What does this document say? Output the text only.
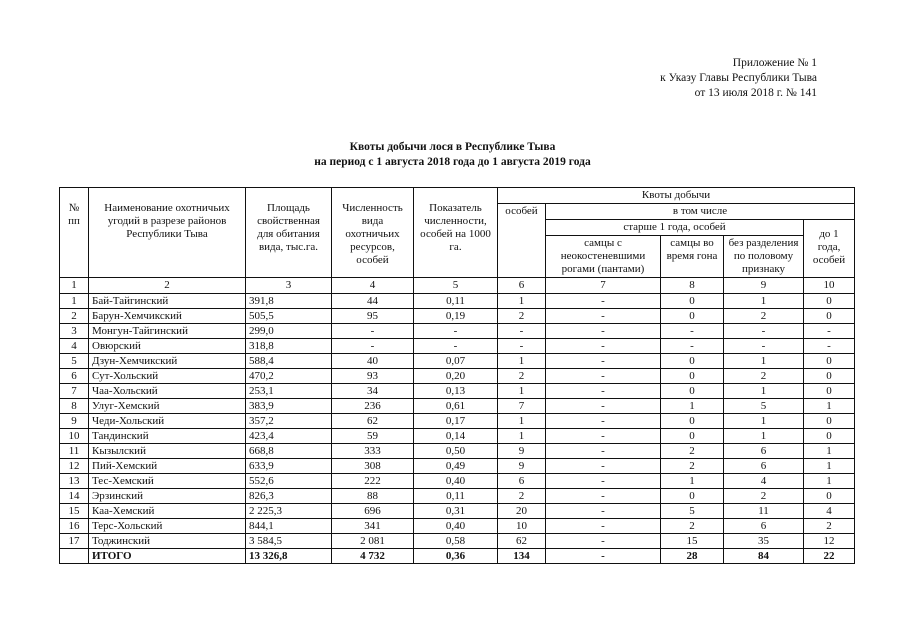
Приложение № 1
к Указу Главы Республики Тыва
от 13 июля 2018 г. № 141
Квоты добычи лося в Республике Тыва
на период с 1 августа 2018 года до 1 августа 2019 года
№ пп	Наименование охотничьих угодий в разрезе районов Республики Тыва	Площадь свойственная для обитания вида, тыс.га.	Численность вида охотничьих ресурсов, особей	Показатель численности, особей на 1000 га.	Квоты добычи				
					особей	в том числе			
						старше 1 года, особей			до 1 года, особей
						самцы с неокостеневшими рогами (пантами)	самцы во время гона	без разделения по половому признаку	
1	2	3	4	5	6	7	8	9	10
1	Бай-Тайгинский	391,8	44	0,11	1	-	0	1	0
2	Барун-Хемчикский	505,5	95	0,19	2	-	0	2	0
3	Монгун-Тайгинский	299,0	-	-	-	-	-	-	-
4	Овюрский	318,8	-	-	-	-	-	-	-
5	Дзун-Хемчикский	588,4	40	0,07	1	-	0	1	0
6	Сут-Хольский	470,2	93	0,20	2	-	0	2	0
7	Чаа-Хольский	253,1	34	0,13	1	-	0	1	0
8	Улуг-Хемский	383,9	236	0,61	7	-	1	5	1
9	Чеди-Хольский	357,2	62	0,17	1	-	0	1	0
10	Тандинский	423,4	59	0,14	1	-	0	1	0
11	Кызылский	668,8	333	0,50	9	-	2	6	1
12	Пий-Хемский	633,9	308	0,49	9	-	2	6	1
13	Тес-Хемский	552,6	222	0,40	6	-	1	4	1
14	Эрзинский	826,3	88	0,11	2	-	0	2	0
15	Каа-Хемский	2 225,3	696	0,31	20	-	5	11	4
16	Терс-Хольский	844,1	341	0,40	10	-	2	6	2
17	Тоджинский	3 584,5	2 081	0,58	62	-	15	35	12
	ИТОГО	13 326,8	4 732	0,36	134	-	28	84	22
